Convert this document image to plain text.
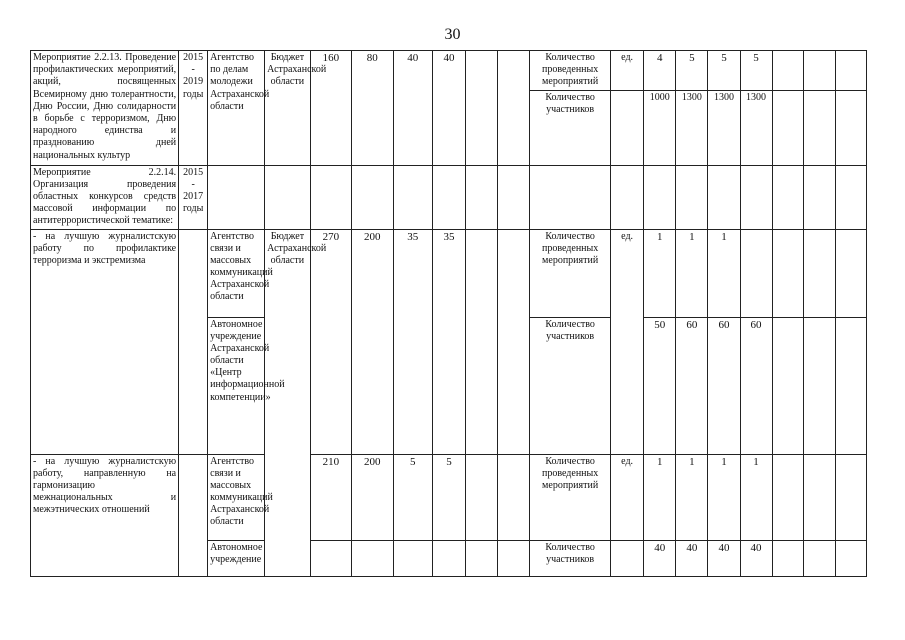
30
Мероприятие 2.2.13. Проведение профилактических мероприятий, акций, посвященных Всемирному дню толерантности, Дню России, Дню солидарности в борьбе с терроризмом, Дню народного единства и празднованию дней национальных культур	2015 - 2019 годы	Агентство по делам молодежи Астраханской области	Бюджет Астраханской области	160	80	40	40			Количество проведенных мероприятий	ед.	4	5	5	5			
										Количество участников		1000	1300	1300	1300			
Мероприятие 2.2.14. Организация проведения областных конкурсов средств массовой информации по антитеррористической тематике:	2015 - 2017 годы																	
- на лучшую журналистскую работу по профилактике терроризма и экстремизма		Агентство связи и массовых коммуникаций Астраханской области	Бюджет Астраханской области	270	200	35	35			Количество проведенных мероприятий	ед.	1	1	1				
		Автономное учреждение Астраханской области «Центр информационной компетенции»								Количество участников		50	60	60	60			
- на лучшую журналистскую работу, направленную на гармонизацию межнациональных и межэтнических отношений		Агентство связи и массовых коммуникаций Астраханской области		210	200	5	5			Количество проведенных мероприятий	ед.	1	1	1	1			
		Автономное учреждение								Количество участников		40	40	40	40			
